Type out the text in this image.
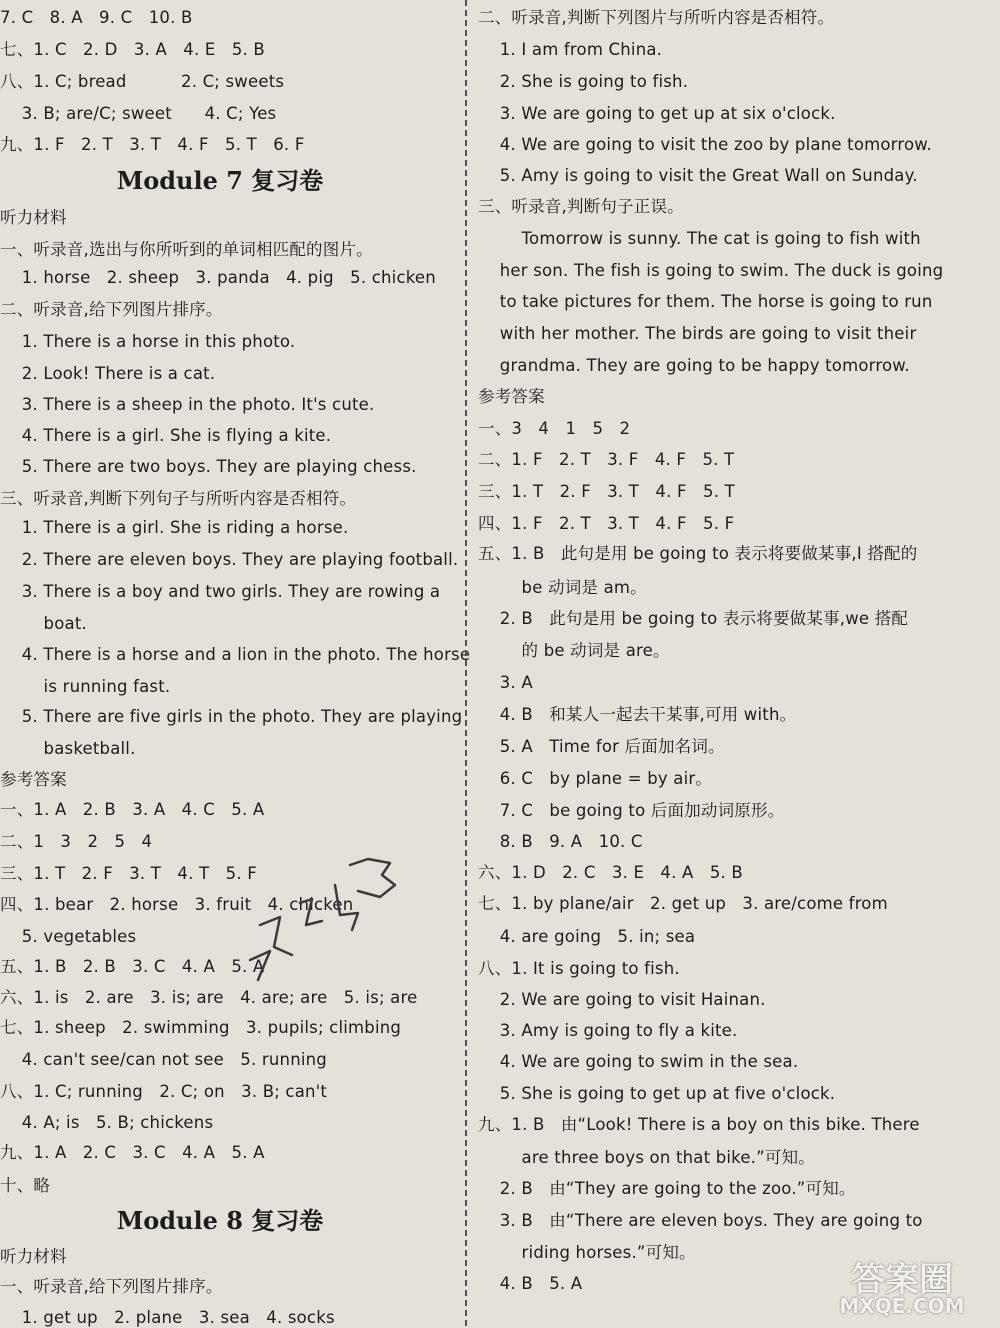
7. C   8. A   9. C   10. B
七、1. C   2. D   3. A   4. E   5. B
八、1. C; bread          2. C; sweets
3. B; are/C; sweet      4. C; Yes
九、1. F   2. T   3. T   4. F   5. T   6. F
Module 7 复习卷
听力材料
一、听录音,选出与你所听到的单词相匹配的图片。
1. horse   2. sheep   3. panda   4. pig   5. chicken
二、听录音,给下列图片排序。
1. There is a horse in this photo.
2. Look! There is a cat.
3. There is a sheep in the photo. It's cute.
4. There is a girl. She is flying a kite.
5. There are two boys. They are playing chess.
三、听录音,判断下列句子与所听内容是否相符。
1. There is a girl. She is riding a horse.
2. There are eleven boys. They are playing football.
3. There is a boy and two girls. They are rowing a
boat.
4. There is a horse and a lion in the photo. The horse
is running fast.
5. There are five girls in the photo. They are playing
basketball.
参考答案
一、1. A   2. B   3. A   4. C   5. A
二、1   3   2   5   4
三、1. T   2. F   3. T   4. T   5. F
四、1. bear   2. horse   3. fruit   4. chicken
5. vegetables
五、1. B   2. B   3. C   4. A   5. A
六、1. is   2. are   3. is; are   4. are; are   5. is; are
七、1. sheep   2. swimming   3. pupils; climbing
4. can't see/can not see   5. running
八、1. C; running   2. C; on   3. B; can't
4. A; is   5. B; chickens
九、1. A   2. C   3. C   4. A   5. A
十、略
Module 8 复习卷
听力材料
一、听录音,给下列图片排序。
1. get up   2. plane   3. sea   4. socks
二、听录音,判断下列图片与所听内容是否相符。
1. I am from China.
2. She is going to fish.
3. We are going to get up at six o'clock.
4. We are going to visit the zoo by plane tomorrow.
5. Amy is going to visit the Great Wall on Sunday.
三、听录音,判断句子正误。
Tomorrow is sunny. The cat is going to fish with
her son. The fish is going to swim. The duck is going
to take pictures for them. The horse is going to run
with her mother. The birds are going to visit their
grandma. They are going to be happy tomorrow.
参考答案
一、3   4   1   5   2
二、1. F   2. T   3. F   4. F   5. T
三、1. T   2. F   3. T   4. F   5. T
四、1. F   2. T   3. T   4. F   5. F
五、1. B   此句是用 be going to 表示将要做某事,I 搭配的
be 动词是 am。
2. B   此句是用 be going to 表示将要做某事,we 搭配
的 be 动词是 are。
3. A
4. B   和某人一起去干某事,可用 with。
5. A   Time for 后面加名词。
6. C   by plane = by air。
7. C   be going to 后面加动词原形。
8. B   9. A   10. C
六、1. D   2. C   3. E   4. A   5. B
七、1. by plane/air   2. get up   3. are/come from
4. are going   5. in; sea
八、1. It is going to fish.
2. We are going to visit Hainan.
3. Amy is going to fly a kite.
4. We are going to swim in the sea.
5. She is going to get up at five o'clock.
九、1. B   由“Look! There is a boy on this bike. There
are three boys on that bike.”可知。
2. B   由“They are going to the zoo.”可知。
3. B   由“There are eleven boys. They are going to
riding horses.”可知。
4. B   5. A	答案圈
MXQE.COM
